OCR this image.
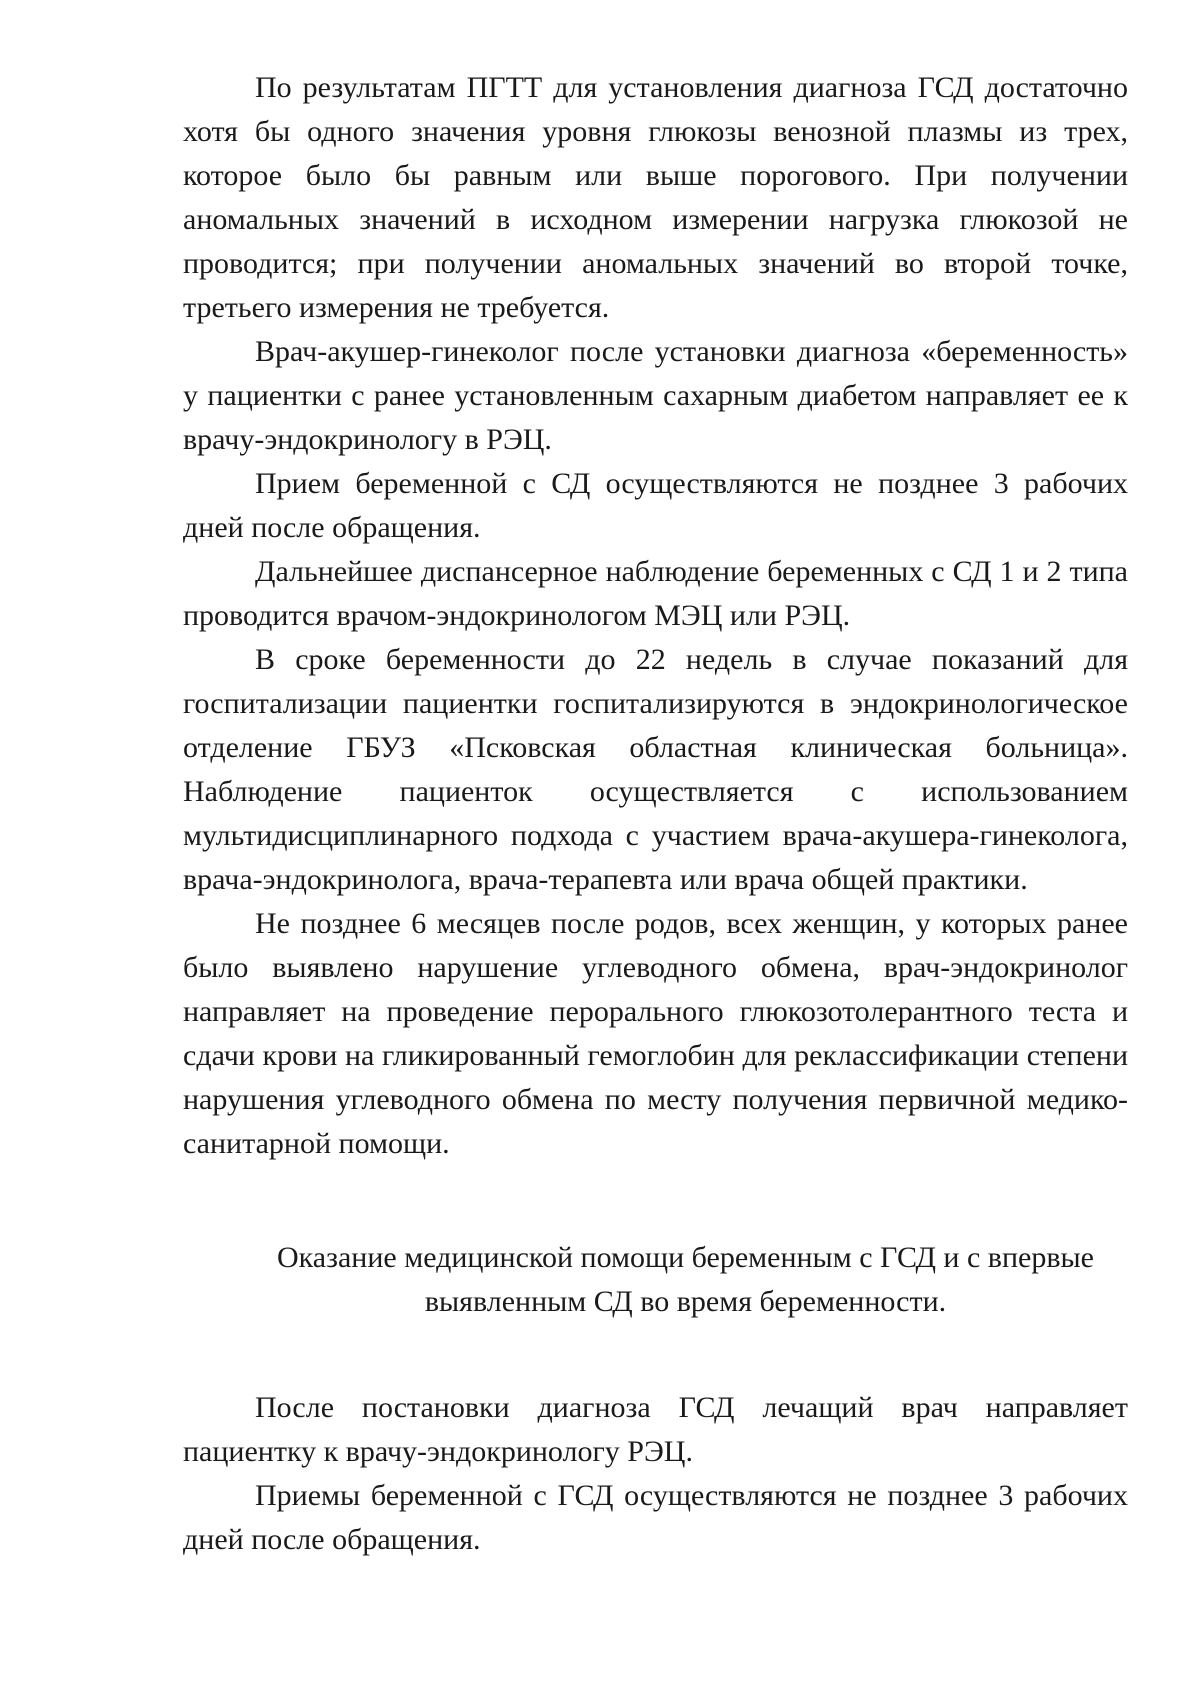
По результатам ПГТТ для установления диагноза ГСД достаточно хотя бы одного значения уровня глюкозы венозной плазмы из трех, которое было бы равным или выше порогового. При получении аномальных значений в исходном измерении нагрузка глюкозой не проводится; при получении аномальных значений во второй точке, третьего измерения не требуется.

Врач-акушер-гинеколог после установки диагноза «беременность» у пациентки с ранее установленным сахарным диабетом направляет ее к врачу-эндокринологу в РЭЦ.

Прием беременной с СД осуществляются не позднее 3 рабочих дней после обращения.

Дальнейшее диспансерное наблюдение беременных с СД 1 и 2 типа проводится врачом-эндокринологом МЭЦ или РЭЦ.

В сроке беременности до 22 недель в случае показаний для госпитализации пациентки госпитализируются в эндокринологическое отделение ГБУЗ «Псковская областная клиническая больница». Наблюдение пациенток осуществляется с использованием мультидисциплинарного подхода с участием врача-акушера-гинеколога, врача-эндокринолога, врача-терапевта или врача общей практики.

Не позднее 6 месяцев после родов, всех женщин, у которых ранее было выявлено нарушение углеводного обмена, врач-эндокринолог направляет на проведение перорального глюкозотолерантного теста и сдачи крови на гликированный гемоглобин для реклассификации степени нарушения углеводного обмена по месту получения первичной медико-санитарной помощи.

Оказание медицинской помощи беременным с ГСД и с впервые
выявленным СД во время беременности.

После постановки диагноза ГСД лечащий врач направляет пациентку к врачу-эндокринологу РЭЦ.

Приемы беременной с ГСД осуществляются не позднее 3 рабочих дней после обращения.
